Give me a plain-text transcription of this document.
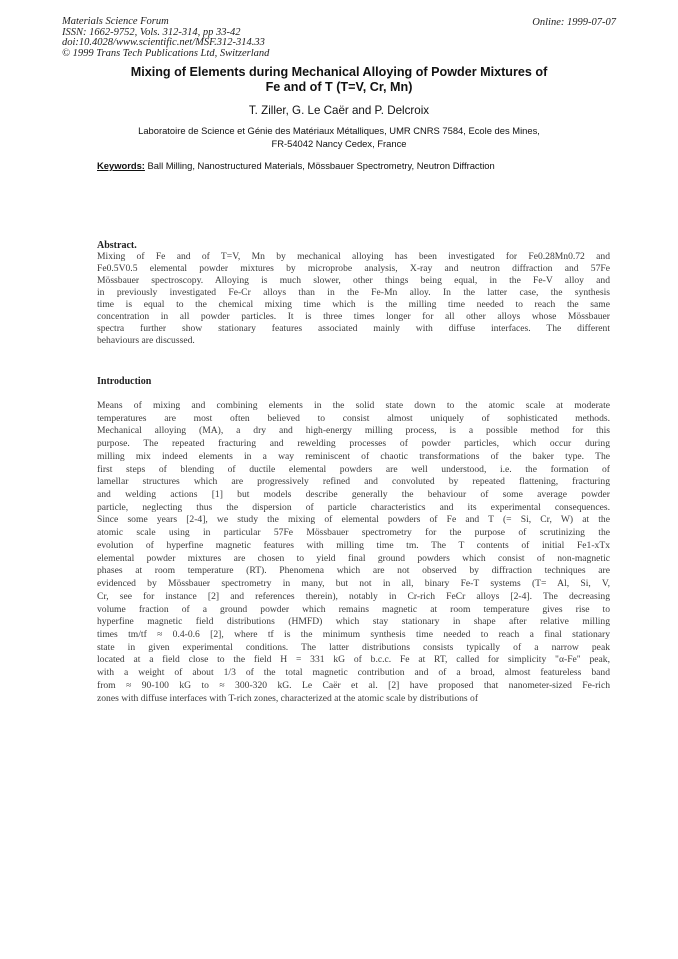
Materials Science Forum
ISSN: 1662-9752, Vols. 312-314, pp 33-42
doi:10.4028/www.scientific.net/MSF.312-314.33
© 1999 Trans Tech Publications Ltd, Switzerland
Online: 1999-07-07
Mixing of Elements during Mechanical Alloying of Powder Mixtures of
Fe and of T (T=V, Cr, Mn)
T. Ziller, G. Le Caër and P. Delcroix
Laboratoire de Science et Génie des Matériaux Métalliques, UMR CNRS 7584, Ecole des Mines,
FR-54042 Nancy Cedex, France
Keywords: Ball Milling, Nanostructured Materials, Mössbauer Spectrometry, Neutron Diffraction
Abstract.
Mixing of Fe and of T=V, Mn by mechanical alloying has been investigated for Fe0.28Mn0.72 and
Fe0.5V0.5 elemental powder mixtures by microprobe analysis, X-ray and neutron diffraction and 57Fe
Mössbauer spectroscopy. Alloying is much slower, other things being equal, in the Fe-V alloy and
in previously investigated Fe-Cr alloys than in the Fe-Mn alloy. In the latter case, the synthesis
time is equal to the chemical mixing time which is the milling time needed to reach the same
concentration in all powder particles. It is three times longer for all other alloys whose Mössbauer
spectra further show stationary features associated mainly with diffuse interfaces. The different
behaviours are discussed.
Introduction
Means of mixing and combining elements in the solid state down to the atomic scale at moderate
temperatures are most often believed to consist almost uniquely of sophisticated methods.
Mechanical alloying (MA), a dry and high-energy milling process, is a possible method for this
purpose. The repeated fracturing and rewelding processes of powder particles, which occur during
milling mix indeed elements in a way reminiscent of chaotic transformations of the baker type. The
first steps of blending of ductile elemental powders are well understood, i.e. the formation of
lamellar structures which are progressively refined and convoluted by repeated flattening, fracturing
and welding actions [1] but models describe generally the behaviour of some average powder
particle, neglecting thus the dispersion of particle characteristics and its experimental consequences.
Since some years [2-4], we study the mixing of elemental powders of Fe and T (= Si, Cr, W) at the
atomic scale using in particular 57Fe Mössbauer spectrometry for the purpose of scrutinizing the
evolution of hyperfine magnetic features with milling time tm. The T contents of initial Fe1-xTx
elemental powder mixtures are chosen to yield final ground powders which consist of non-magnetic
phases at room temperature (RT). Phenomena which are not observed by diffraction techniques are
evidenced by Mössbauer spectrometry in many, but not in all, binary Fe-T systems (T= Al, Si, V,
Cr, see for instance [2] and references therein), notably in Cr-rich FeCr alloys [2-4]. The decreasing
volume fraction of a ground powder which remains magnetic at room temperature gives rise to
hyperfine magnetic field distributions (HMFD) which stay stationary in shape after relative milling
times tm/tf ≈ 0.4-0.6 [2], where tf is the minimum synthesis time needed to reach a final stationary
state in given experimental conditions. The latter distributions consists typically of a narrow peak
located at a field close to the field H = 331 kG of b.c.c. Fe at RT, called for simplicity "α-Fe" peak,
with a weight of about 1/3 of the total magnetic contribution and of a broad, almost featureless band
from ≈ 90-100 kG to ≈ 300-320 kG. Le Caër et al. [2] have proposed that nanometer-sized Fe-rich
zones with diffuse interfaces with T-rich zones, characterized at the atomic scale by distributions of
